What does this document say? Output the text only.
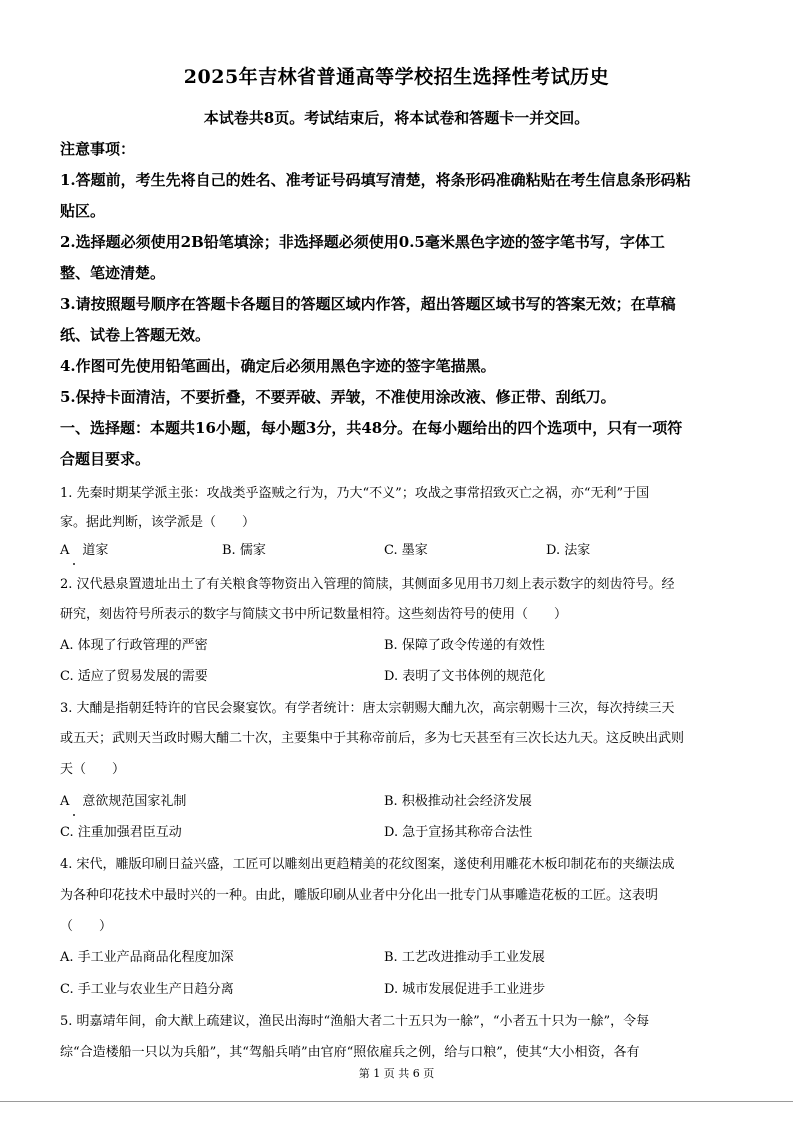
2025年吉林省普通高等学校招生选择性考试历史
本试卷共8页。考试结束后，将本试卷和答题卡一并交回。
注意事项：
1.答题前，考生先将自己的姓名、准考证号码填写清楚，将条形码准确粘贴在考生信息条形码粘
贴区。
2.选择题必须使用2B铅笔填涂；非选择题必须使用0.5毫米黑色字迹的签字笔书写，字体工
整、笔迹清楚。
3.请按照题号顺序在答题卡各题目的答题区域内作答，超出答题区域书写的答案无效；在草稿
纸、试卷上答题无效。
4.作图可先使用铅笔画出，确定后必须用黑色字迹的签字笔描黑。
5.保持卡面清洁，不要折叠，不要弄破、弄皱，不准使用涂改液、修正带、刮纸刀。
一、选择题：本题共16小题，每小题3分，共48分。在每小题给出的四个选项中，只有一项符
合题目要求。
1. 先秦时期某学派主张：攻战类乎盗贼之行为，乃大“不义”；攻战之事常招致灭亡之祸，亦“无利”于国
家。据此判断，该学派是（　　）
A　道家	B. 儒家	C. 墨家	D. 法家
2. 汉代悬泉置遗址出土了有关粮食等物资出入管理的简牍，其侧面多见用书刀刻上表示数字的刻齿符号。经
研究，刻齿符号所表示的数字与简牍文书中所记数量相符。这些刻齿符号的使用（　　）
A. 体现了行政管理的严密	B. 保障了政令传递的有效性
C. 适应了贸易发展的需要	D. 表明了文书体例的规范化
3. 大酺是指朝廷特许的官民会聚宴饮。有学者统计：唐太宗朝赐大酺九次，高宗朝赐十三次，每次持续三天
或五天；武则天当政时赐大酺二十次，主要集中于其称帝前后，多为七天甚至有三次长达九天。这反映出武则
天（　　）
A　意欲规范国家礼制	B. 积极推动社会经济发展
C. 注重加强君臣互动	D. 急于宣扬其称帝合法性
4. 宋代，雕版印刷日益兴盛，工匠可以雕刻出更趋精美的花纹图案，遂使利用雕花木板印制花布的夹缬法成
为各种印花技术中最时兴的一种。由此，雕版印刷从业者中分化出一批专门从事雕造花板的工匠。这表明
（　　）
A. 手工业产品商品化程度加深	B. 工艺改进推动手工业发展
C. 手工业与农业生产日趋分离	D. 城市发展促进手工业进步
5. 明嘉靖年间，俞大猷上疏建议，渔民出海时“渔船大者二十五只为一艅”，“小者五十只为一艅”，令每
综“合造楼船一只以为兵船”，其“驾船兵哨”由官府“照依雇兵之例，给与口粮”，使其“大小相资，各有
第 1 页 共 6 页
